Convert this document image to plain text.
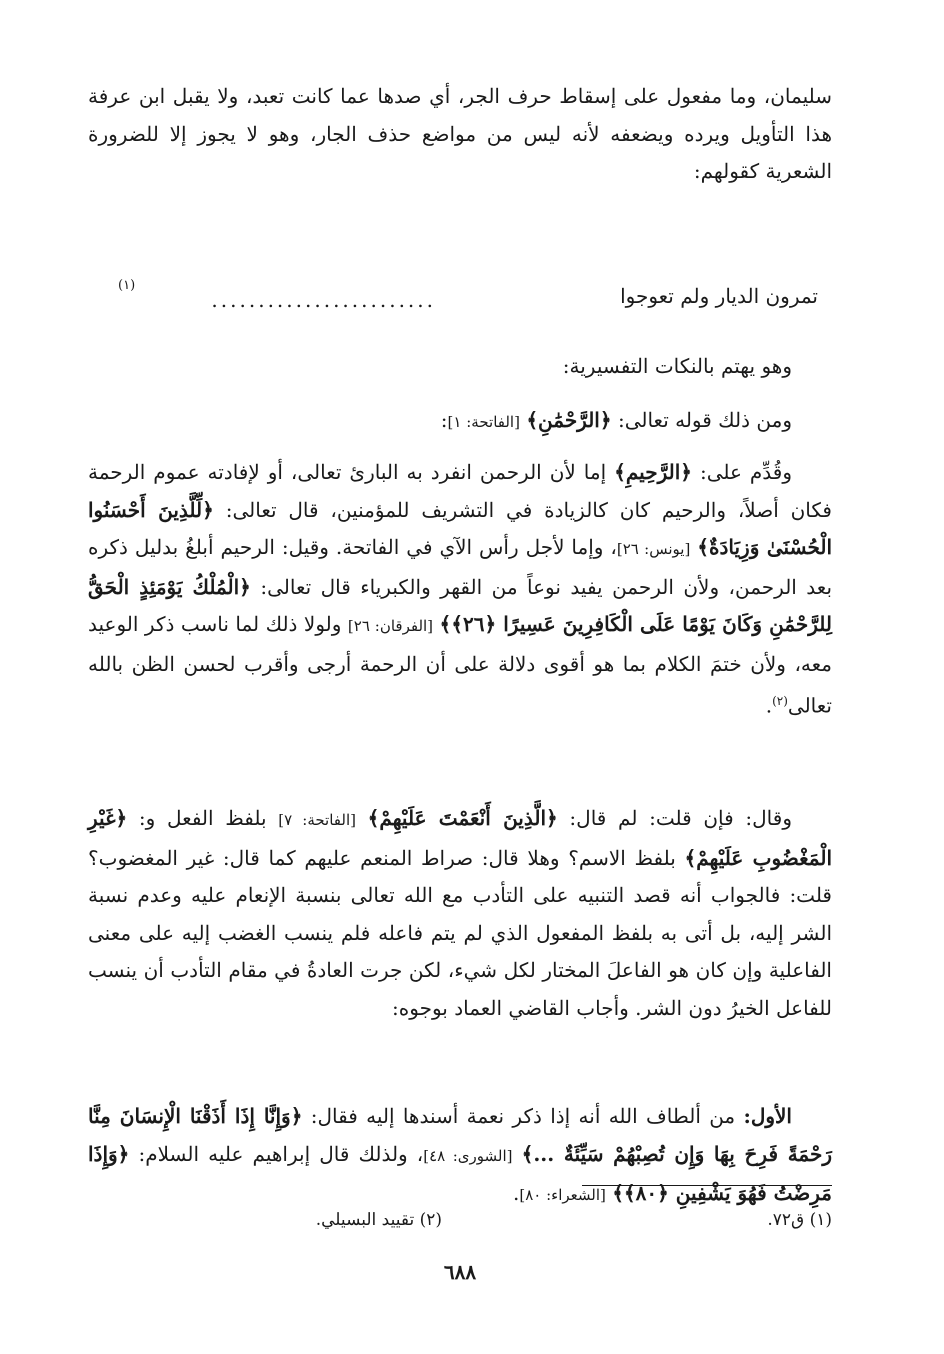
سليمان، وما مفعول على إسقاط حرف الجر، أي صدها عما كانت تعبد، ولا يقبل ابن عرفة هذا التأويل ويرده ويضعفه لأنه ليس من مواضع حذف الجار، وهو لا يجوز إلا للضرورة الشعرية كقولهم:

تمرون الديار ولم تعوجوا
........................
(١)

وهو يهتم بالنكات التفسيرية:

ومن ذلك قوله تعالى: ﴿الرَّحْمَٰنِ﴾ [الفاتحة: ١]:

وقُدِّم على: ﴿الرَّحِيمِ﴾ إما لأن الرحمن انفرد به البارئ تعالى، أو لإفادته عموم الرحمة فكان أصلاً، والرحيم كان كالزيادة في التشريف للمؤمنين، قال تعالى: ﴿لِّلَّذِينَ أَحْسَنُوا الْحُسْنَىٰ وَزِيَادَةٌ﴾ [يونس: ٢٦]، وإما لأجل رأس الآي في الفاتحة. وقيل: الرحيم أبلغُ بدليل ذكره بعد الرحمن، ولأن الرحمن يفيد نوعاً من القهر والكبرياء قال تعالى: ﴿الْمُلْكُ يَوْمَئِذٍ الْحَقُّ لِلرَّحْمَٰنِ وَكَانَ يَوْمًا عَلَى الْكَافِرِينَ عَسِيرًا ﴿٢٦﴾﴾ [الفرقان: ٢٦] ولولا ذلك لما ناسب ذكر الوعيد معه، ولأن ختمَ الكلام بما هو أقوى دلالة على أن الرحمة أرجى وأقرب لحسن الظن بالله تعالى$^{(٢)}$.

وقال: فإن قلت: لم قال: ﴿الَّذِينَ أَنْعَمْتَ عَلَيْهِمْ﴾ [الفاتحة: ٧] بلفظ الفعل و: ﴿غَيْرِ الْمَغْضُوبِ عَلَيْهِمْ﴾ بلفظ الاسم؟ وهلا قال: صراط المنعم عليهم كما قال: غير المغضوب؟ قلت: فالجواب أنه قصد التنبيه على التأدب مع الله تعالى بنسبة الإنعام عليه وعدم نسبة الشر إليه، بل أتى به بلفظ المفعول الذي لم يتم فاعله فلم ينسب الغضب إليه على معنى الفاعلية وإن كان هو الفاعلَ المختار لكل شيء، لكن جرت العادةُ في مقام التأدب أن ينسب للفاعل الخيرُ دون الشر. وأجاب القاضي العماد بوجوه:

الأول: من ألطاف الله أنه إذا ذكر نعمة أسندها إليه فقال: ﴿وَإِنَّا إِذَا أَذَقْنَا الْإِنسَانَ مِنَّا رَحْمَةً فَرِحَ بِهَا وَإِن تُصِبْهُمْ سَيِّئَةٌ ...﴾ [الشورى: ٤٨]، ولذلك قال إبراهيم عليه السلام: ﴿وَإِذَا مَرِضْتُ فَهُوَ يَشْفِينِ ﴿٨٠﴾﴾ [الشعراء: ٨٠].

(١) ق٧٢.
(٢) تقييد البسيلي.
٦٨٨
